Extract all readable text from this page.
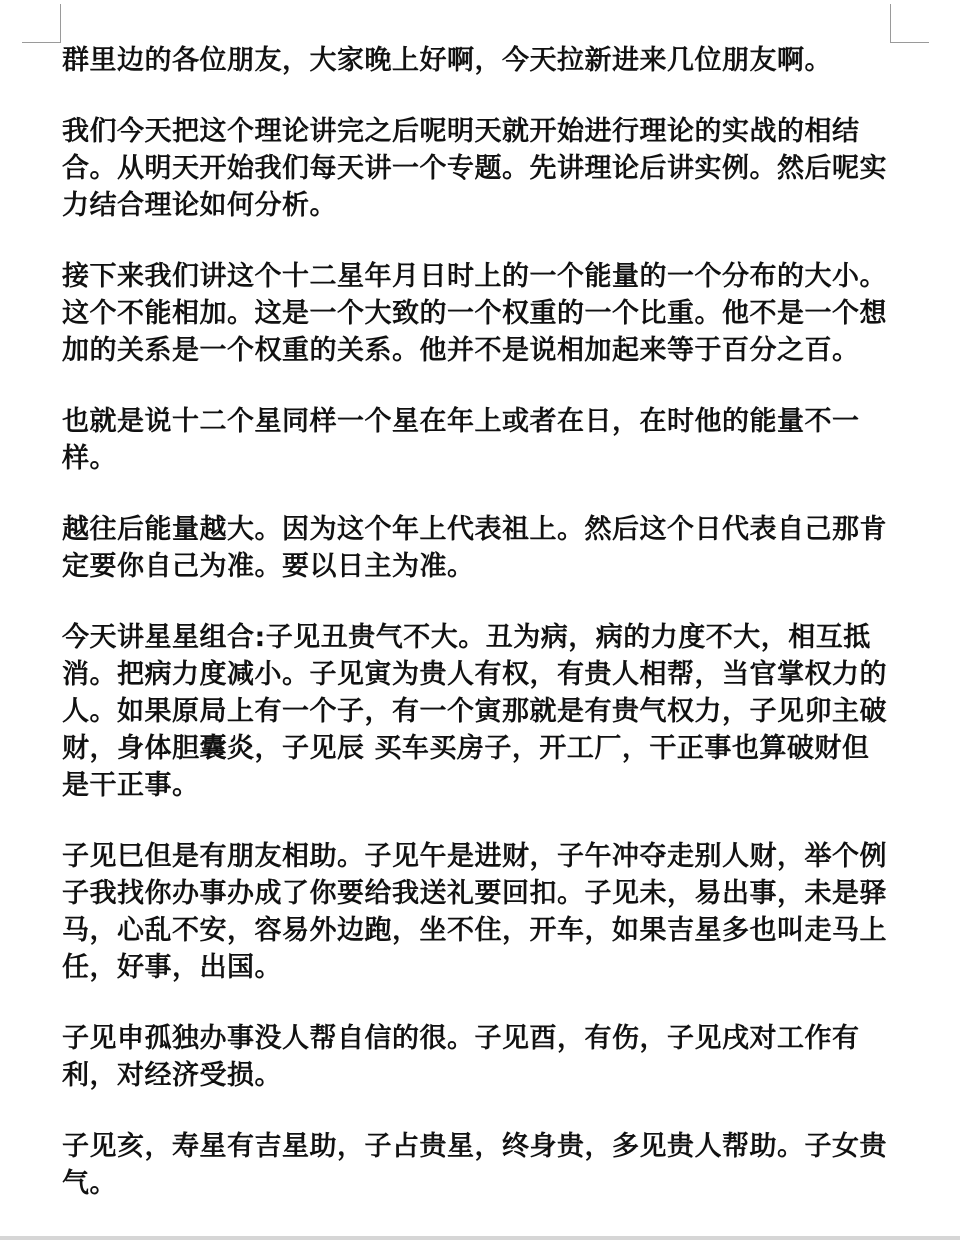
群里边的各位朋友，大家晚上好啊，今天拉新进来几位朋友啊。

我们今天把这个理论讲完之后呢明天就开始进行理论的实战的相结合。从明天开始我们每天讲一个专题。先讲理论后讲实例。然后呢实力结合理论如何分析。

接下来我们讲这个十二星年月日时上的一个能量的一个分布的大小。这个不能相加。这是一个大致的一个权重的一个比重。他不是一个想加的关系是一个权重的关系。他并不是说相加起来等于百分之百。

也就是说十二个星同样一个星在年上或者在日，在时他的能量不一样。

越往后能量越大。因为这个年上代表祖上。然后这个日代表自己那肯定要你自己为准。要以日主为准。

今天讲星星组合:子见丑贵气不大。丑为病，病的力度不大，相互抵消。把病力度减小。子见寅为贵人有权，有贵人相帮，当官掌权力的人。如果原局上有一个子，有一个寅那就是有贵气权力，子见卯主破财，身体胆囊炎，子见辰 买车买房子，开工厂，干正事也算破财但是干正事。

子见巳但是有朋友相助。子见午是进财，子午冲夺走别人财，举个例子我找你办事办成了你要给我送礼要回扣。子见未，易出事，未是驿马，心乱不安，容易外边跑，坐不住，开车，如果吉星多也叫走马上任，好事，出国。

子见申孤独办事没人帮自信的很。子见酉，有伤，子见戌对工作有利，对经济受损。

子见亥，寿星有吉星助，子占贵星，终身贵，多见贵人帮助。子女贵气。
